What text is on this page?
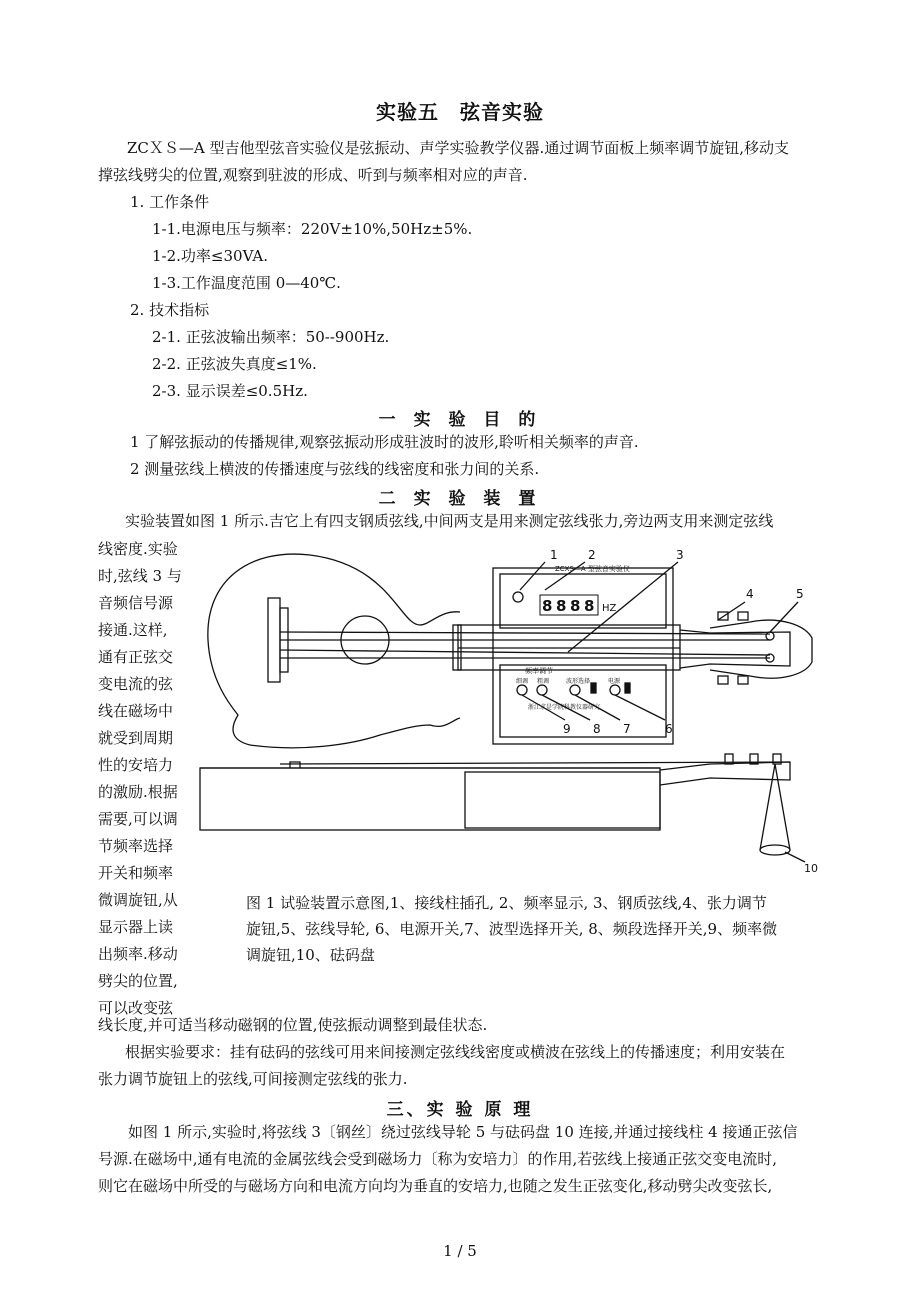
实验五　弦音实验
ZCＸＳ—A 型吉他型弦音实验仪是弦振动、声学实验教学仪器.通过调节面板上频率调节旋钮,移动支
撑弦线劈尖的位置,观察到驻波的形成、听到与频率相对应的声音.
1. 工作条件
1-1.电源电压与频率：220V±10%,50Hz±5%.
1-2.功率≤30VA.
1-3.工作温度范围 0—40℃.
2. 技术指标
2-1. 正弦波输出频率：50--900Hz.
2-2. 正弦波失真度≤1%.
2-3. 显示误差≤0.5Hz.
一 实 验 目 的
1 了解弦振动的传播规律,观察弦振动形成驻波时的波形,聆听相关频率的声音.
2 测量弦线上横波的传播速度与弦线的线密度和张力间的关系.
二 实 验 装 置
实验装置如图 1 所示.吉它上有四支钢质弦线,中间两支是用来测定弦线张力,旁边两支用来测定弦线
线密度.实验
时,弦线 3 与
音频信号源
接通.这样,
通有正弦交
变电流的弦
线在磁场中
就受到周期
性的安培力
的激励.根据
需要,可以调
节频率选择
开关和频率
微调旋钮,从
显示器上读
出频率.移动
劈尖的位置,
可以改变弦
1	2	3
4	5
6
7
8
9
10
ZCXS—A 型弦音实验仪
8 8 8 8 HZ
频率调节
细调 粗调	波形选择	电源
浙江求是学院科教仪器研究
图 1 试验装置示意图,1、接线柱插孔, 2、频率显示, 3、钢质弦线,4、张力调节
旋钮,5、弦线导轮, 6、电源开关,7、波型选择开关, 8、频段选择开关,9、频率微
调旋钮,10、砝码盘
线长度,并可适当移动磁钢的位置,使弦振动调整到最佳状态.
根据实验要求：挂有砝码的弦线可用来间接测定弦线线密度或横波在弦线上的传播速度；利用安装在
张力调节旋钮上的弦线,可间接测定弦线的张力.
三、实 验 原 理
如图 1 所示,实验时,将弦线 3〔钢丝〕绕过弦线导轮 5 与砝码盘 10 连接,并通过接线柱 4 接通正弦信
号源.在磁场中,通有电流的金属弦线会受到磁场力〔称为安培力〕的作用,若弦线上接通正弦交变电流时,
则它在磁场中所受的与磁场方向和电流方向均为垂直的安培力,也随之发生正弦变化,移动劈尖改变弦长,
1 / 5
